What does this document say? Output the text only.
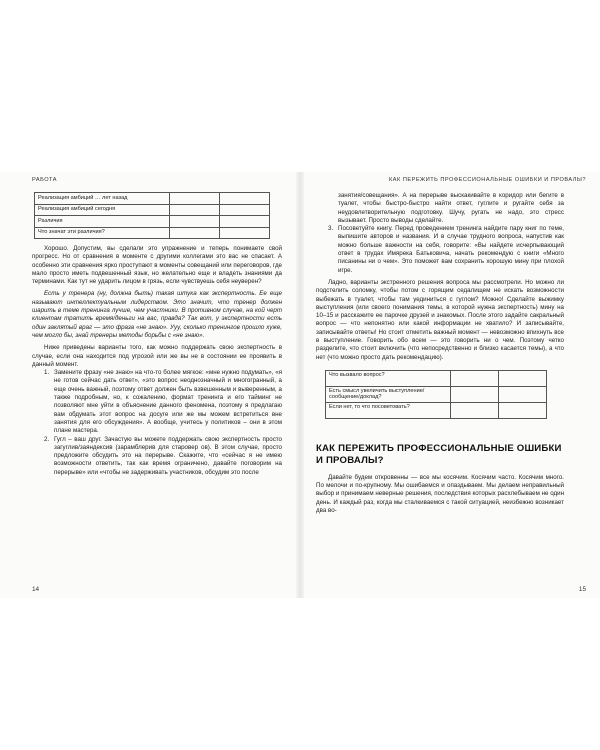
РАБОТА
Реализация амбиций … лет назад		
Реализация амбиций сегодня		
Различия		
Что значат эти различия?		

Хорошо. Допустим, вы сделали это упражнение и теперь понимаете свой прогресс. Но от сравнения в моменте с другими коллегами это вас не спасает. А особенно эти сравнения ярко проступают в моменты совещаний или переговоров, где мало просто иметь подвешенный язык, но желательно еще и владеть знаниями да терминами. Как тут не ударить лицом в грязь, если чувствуешь себя неуверен?

Есть у тренера (ну, должна быть) такая штука как экспертность. Ее еще называют интеллектуальным лидерством. Это значит, что тренер должен шарить в теме тренинга лучше, чем участники. В противном случае, на кой черт клиентам тратить время/деньги на вас, правда? Так вот, у экспертности есть один заклятый враг — это фраза «не знаю». Ууу, сколько тренингов прошло хуже, чем могло бы, знай тренеры методы борьбы с «не знаю».

Ниже приведены варианты того, как можно поддержать свою экспертность в случае, если она находится под угрозой или же вы не в состоянии ее проявить в данный момент.

1. Замените фразу «не знаю» на что-то более мягкое: «мне нужно подумать», «я не готов сейчас дать ответ», «это вопрос неоднозначный и многогранный, а еще очень важный, поэтому ответ должен быть взвешенным и выверенным, а также подробным, но, к сожалению, формат тренинга и его тайминг не позволяют мне уйти в объяснение данного феномена, поэтому я предлагаю вам обдумать этот вопрос на досуге или же мы можем встретиться вне занятия для его обсуждения». А вообще, учитесь у политиков – они в этом плане мастера.
2. Гугл – ваш друг. Зачастую вы можете поддержать свою экспертность просто загуглив/заяндексив (зарамблерив для старовер ов). В этом случае, просто предложите обсудить это на перерыве. Скажите, что «сейчас я не имею возможности ответить, так как время ограничено, давайте поговорим на перерыве» или «чтобы не задерживать участников, обсудим это после
14
КАК ПЕРЕЖИТЬ ПРОФЕССИОНАЛЬНЫЕ ОШИБКИ И ПРОВАЛЫ?
занятия/совещания». А на перерыве выскакивайте в коридор или бегите в туалет, чтобы быстро-быстро найти ответ, гуглите и ругайте себя за неудовлетворительную подготовку. Шучу, ругать не надо, это стресс вызывает. Просто выводы сделайте.
3. Посоветуйте книгу. Перед проведением тренинга найдите пару книг по теме, выпишите авторов и названия. И в случае трудного вопроса, напустив как можно больше важности на себя, говорите: «Вы найдете исчерпывающий ответ в трудах Имярека Батьковича, начать рекомендую с книги «Много писанины ни о чем». Это поможет вам сохранить хорошую мину при плохой игре.

Ладно, варианты экстренного решения вопроса мы рассмотрели. Но можно ли подстелить соломку, чтобы потом с горящим седалищем не искать возможности выбежать в туалет, чтобы там уединиться с гуглом? Можно! Сделайте выжимку выступления (или своего понимания темы, в которой нужна экспертность) мину на 10–15 и расскажите ее парочке друзей и знакомых. После этого задайте сакральный вопрос — что непонятно или какой информации не хватило? И записывайте, записывайте ответы! Но стоит отметить важный момент — невозможно впихнуть все в выступление. Говорить обо всем — это говорить ни о чем. Поэтому четко разделите, что стоит включить (что непосредственно и близко касается темы), а что нет (что можно просто дать рекомендацию).

Что вызвало вопрос?		
Есть смысл увеличить выступление/сообщение/доклад?		
Если нет, то что посоветовать?		
КАК ПЕРЕЖИТЬ ПРОФЕССИОНАЛЬНЫЕ ОШИБКИ И ПРОВАЛЫ?

Давайте будем откровенны — все мы косячим. Косячим часто. Косячим много. По мелочи и по-крупному. Мы ошибаемся и опаздываем. Мы делаем неправильный выбор и принимаем неверные решения, последствия которых расхлебываем не один день. И каждый раз, когда мы сталкиваемся с такой ситуацией, неизбежно возникает два во-

15
